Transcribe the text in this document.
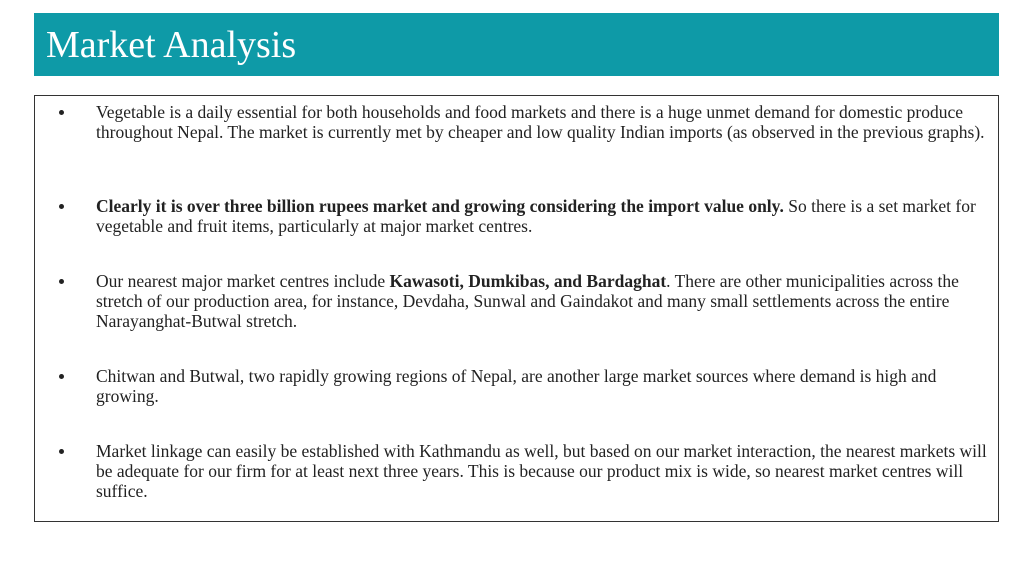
Market Analysis
Vegetable is a daily essential for both households and food markets and there is a huge unmet demand for domestic produce throughout Nepal. The market is currently met by cheaper and low quality Indian imports (as observed in the previous graphs).
Clearly it is over three billion rupees market and growing considering the import value only. So there is a set market for vegetable and fruit items, particularly at major market centres.
Our nearest major market centres include Kawasoti, Dumkibas, and Bardaghat. There are other municipalities across the stretch of our production area, for instance, Devdaha, Sunwal and Gaindakot and many small settlements across the entire Narayanghat-Butwal stretch.
Chitwan and Butwal, two rapidly growing regions of Nepal, are another large market sources where demand is high and growing.
Market linkage can easily be established with Kathmandu as well, but based on our market interaction, the nearest markets will be adequate for our firm for at least next three years. This is because our product mix is wide, so nearest market centres will suffice.
